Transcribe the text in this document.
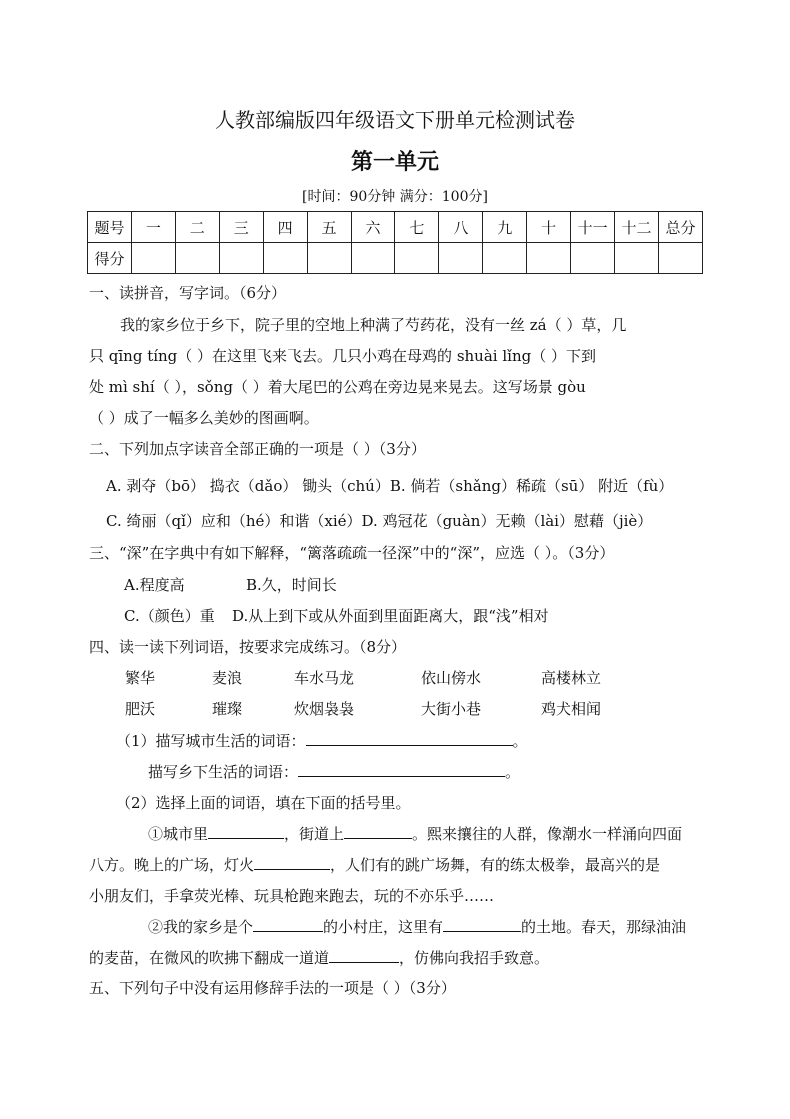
人教部编版四年级语文下册单元检测试卷
第一单元
[时间：90分钟 满分：100分]
题号	一	二	三	四	五	六	七	八	九	十	十一	十二	总分
得分													
一、读拼音，写字词。（6分）
我的家乡位于乡下，院子里的空地上种满了芍药花，没有一丝 zá（ ）草，几
只 qīng tíng（ ）在这里飞来飞去。几只小鸡在母鸡的 shuài lǐng（ ）下到
处 mì shí（ ），sǒng（ ）着大尾巴的公鸡在旁边晃来晃去。这写场景 gòu
（ ）成了一幅多么美妙的图画啊。
二、下列加点字读音全部正确的一项是（ ）（3分）
A. 剥夺（bō） 捣衣（dǎo） 锄头（chú）B. 倘若（shǎng）稀疏（sū） 附近（fù）
C. 绮丽（qǐ）应和（hé）和谐（xié）D. 鸡冠花（guàn）无赖（lài）慰藉（jiè）
三、“深”在字典中有如下解释，“篱落疏疏一径深”中的“深”，应选（ ）。（3分）
A.程度高	B.久，时间长
C.（颜色）重 D.从上到下或从外面到里面距离大，跟“浅”相对
四、读一读下列词语，按要求完成练习。（8分）
繁华	麦浪	车水马龙	依山傍水	高楼林立
肥沃	璀璨	炊烟袅袅	大街小巷	鸡犬相闻
（1）描写城市生活的词语：	。
描写乡下生活的词语：	。
（2）选择上面的词语，填在下面的括号里。
①城市里	，街道上	。熙来攘往的人群，像潮水一样涌向四面
八方。晚上的广场，灯火	，人们有的跳广场舞，有的练太极拳，最高兴的是
小朋友们，手拿荧光棒、玩具枪跑来跑去，玩的不亦乐乎……
②我的家乡是个	的小村庄，这里有	的土地。春天，那绿油油
的麦苗，在微风的吹拂下翻成一道道	，仿佛向我招手致意。
五、下列句子中没有运用修辞手法的一项是（ ）（3分）
